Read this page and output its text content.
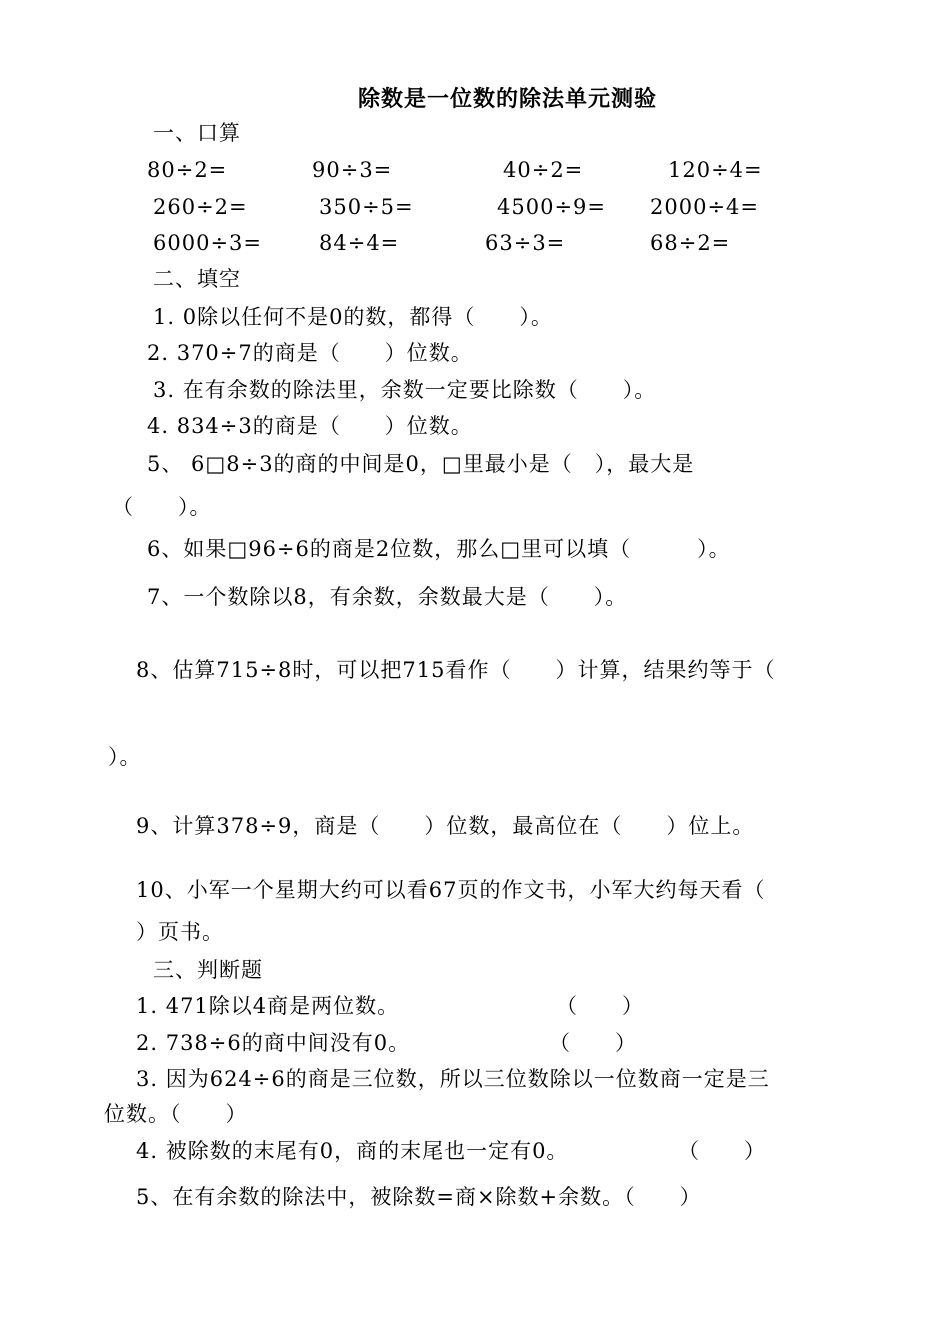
除数是一位数的除法单元测验
一、口算
80÷2=	90÷3=	40÷2=	120÷4=
260÷2=	350÷5=	4500÷9= 2000÷4=
6000÷3=	84÷4=	63÷3=	68÷2=
二、填空
1. 0除以任何不是0的数，都得（　　）。
2. 370÷7的商是（　　）位数。
3. 在有余数的除法里，余数一定要比除数（　　）。
4. 834÷3的商是（　　）位数。
5、 6□8÷3的商的中间是0，□里最小是（　），最大是
（　　）。
6、如果□96÷6的商是2位数，那么□里可以填（　　　）。
7、一个数除以8，有余数，余数最大是（　　）。
8、估算715÷8时，可以把715看作（　　）计算，结果约等于（
）。
9、计算378÷9，商是（　　）位数，最高位在（　　）位上。
10、小军一个星期大约可以看67页的作文书，小军大约每天看（
）页书。
三、判断题
1. 471除以4商是两位数。	（　　）
2. 738÷6的商中间没有0。	（　　）
3. 因为624÷6的商是三位数，所以三位数除以一位数商一定是三
位数。（　　）
4. 被除数的末尾有0，商的末尾也一定有0。	（　　）
5、在有余数的除法中，被除数=商×除数+余数。（　　）
